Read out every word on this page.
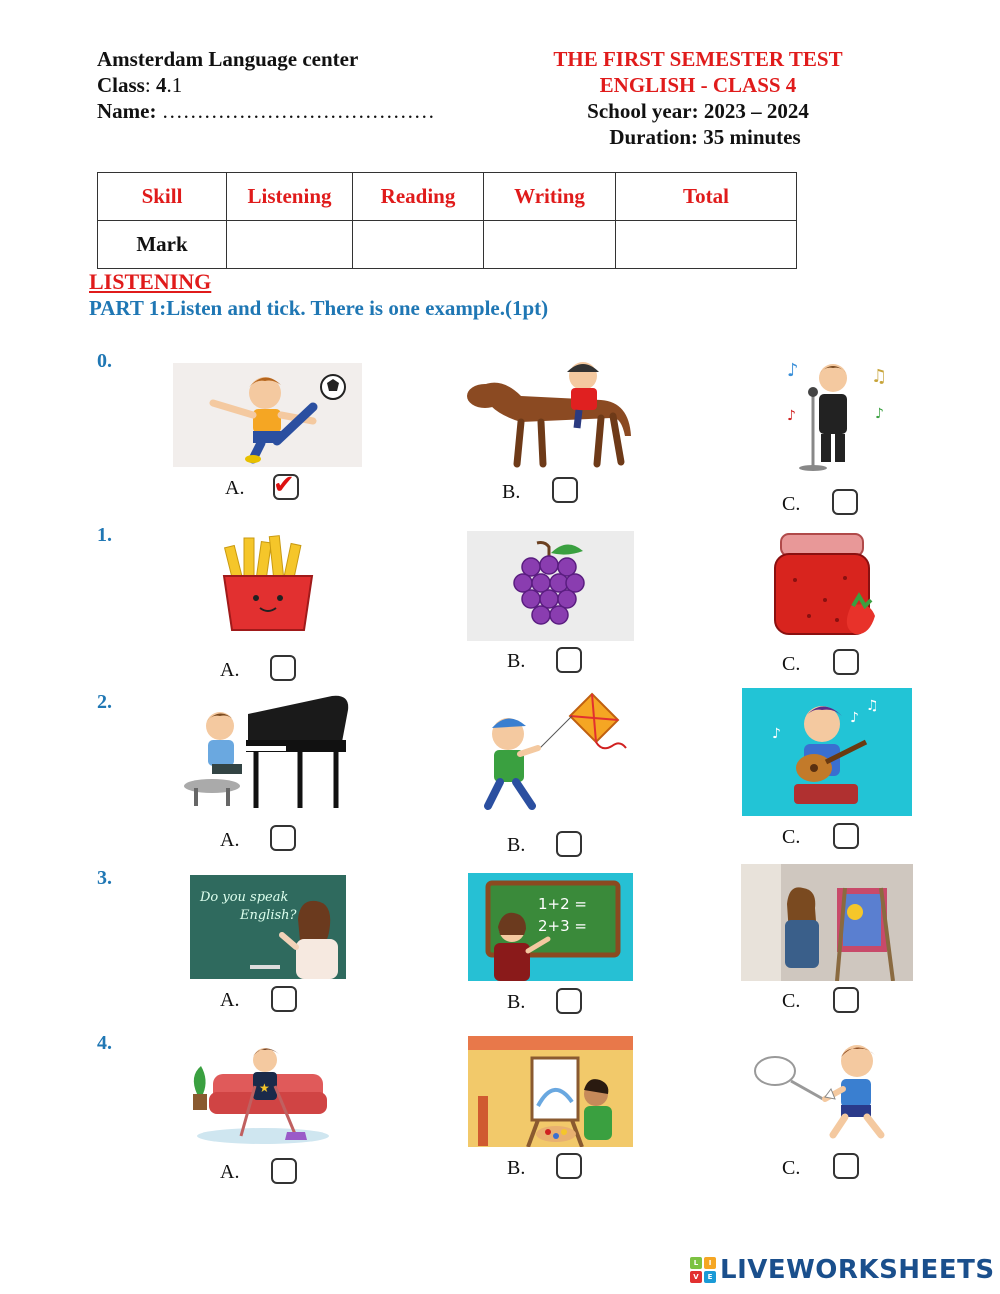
Amsterdam Language center
Class: 4.1
Name: …………………………………
THE FIRST SEMESTER TEST
ENGLISH - CLASS 4
School year: 2023 – 2024
Duration: 35 minutes
Skill	Listening	Reading	Writing	Total
Mark				
LISTENING
PART 1:Listen and tick. There is one example.(1pt)
0.
1.
2.
3.
4.
♪	♫
♪	♪
A. ✔	B.
C.
A.	B.	C.
♪
♫
♪
A.	B.	C.
Do you speak
English?
1+2 =
2+3 =
A.	B.	C.
★
A.	B.	C.
L	I
V	E LIVEWORKSHEETS
